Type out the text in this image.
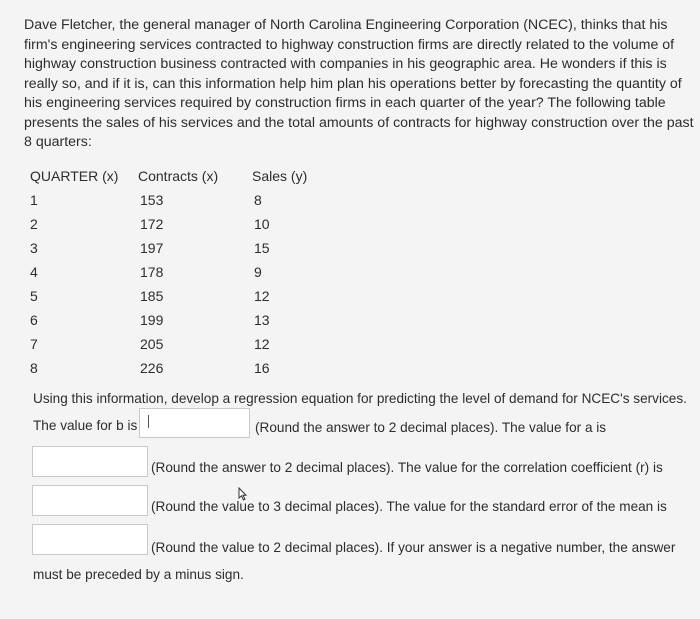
Dave Fletcher, the general manager of North Carolina Engineering Corporation (NCEC), thinks that his firm's engineering services contracted to highway construction firms are directly related to the volume of highway construction business contracted with companies in his geographic area. He wonders if this is really so, and if it is, can this information help him plan his operations better by forecasting the quantity of his engineering services required by construction firms in each quarter of the year? The following table presents the sales of his services and the total amounts of contracts for highway construction over the past 8 quarters:

QUARTER (x) Contracts (x) Sales (y)
1	153	8
2	172	10
3	197	15
4	178	9
5	185	12
6	199	13
7	205	12
8	226	16
Using this information, develop a regression equation for predicting the level of demand for NCEC's services.
The value for b is	(Round the answer to 2 decimal places). The value for a is
(Round the answer to 2 decimal places). The value for the correlation coefficient (r) is
(Round the value to 3 decimal places). The value for the standard error of the mean is
(Round the value to 2 decimal places). If your answer is a negative number, the answer
must be preceded by a minus sign.
